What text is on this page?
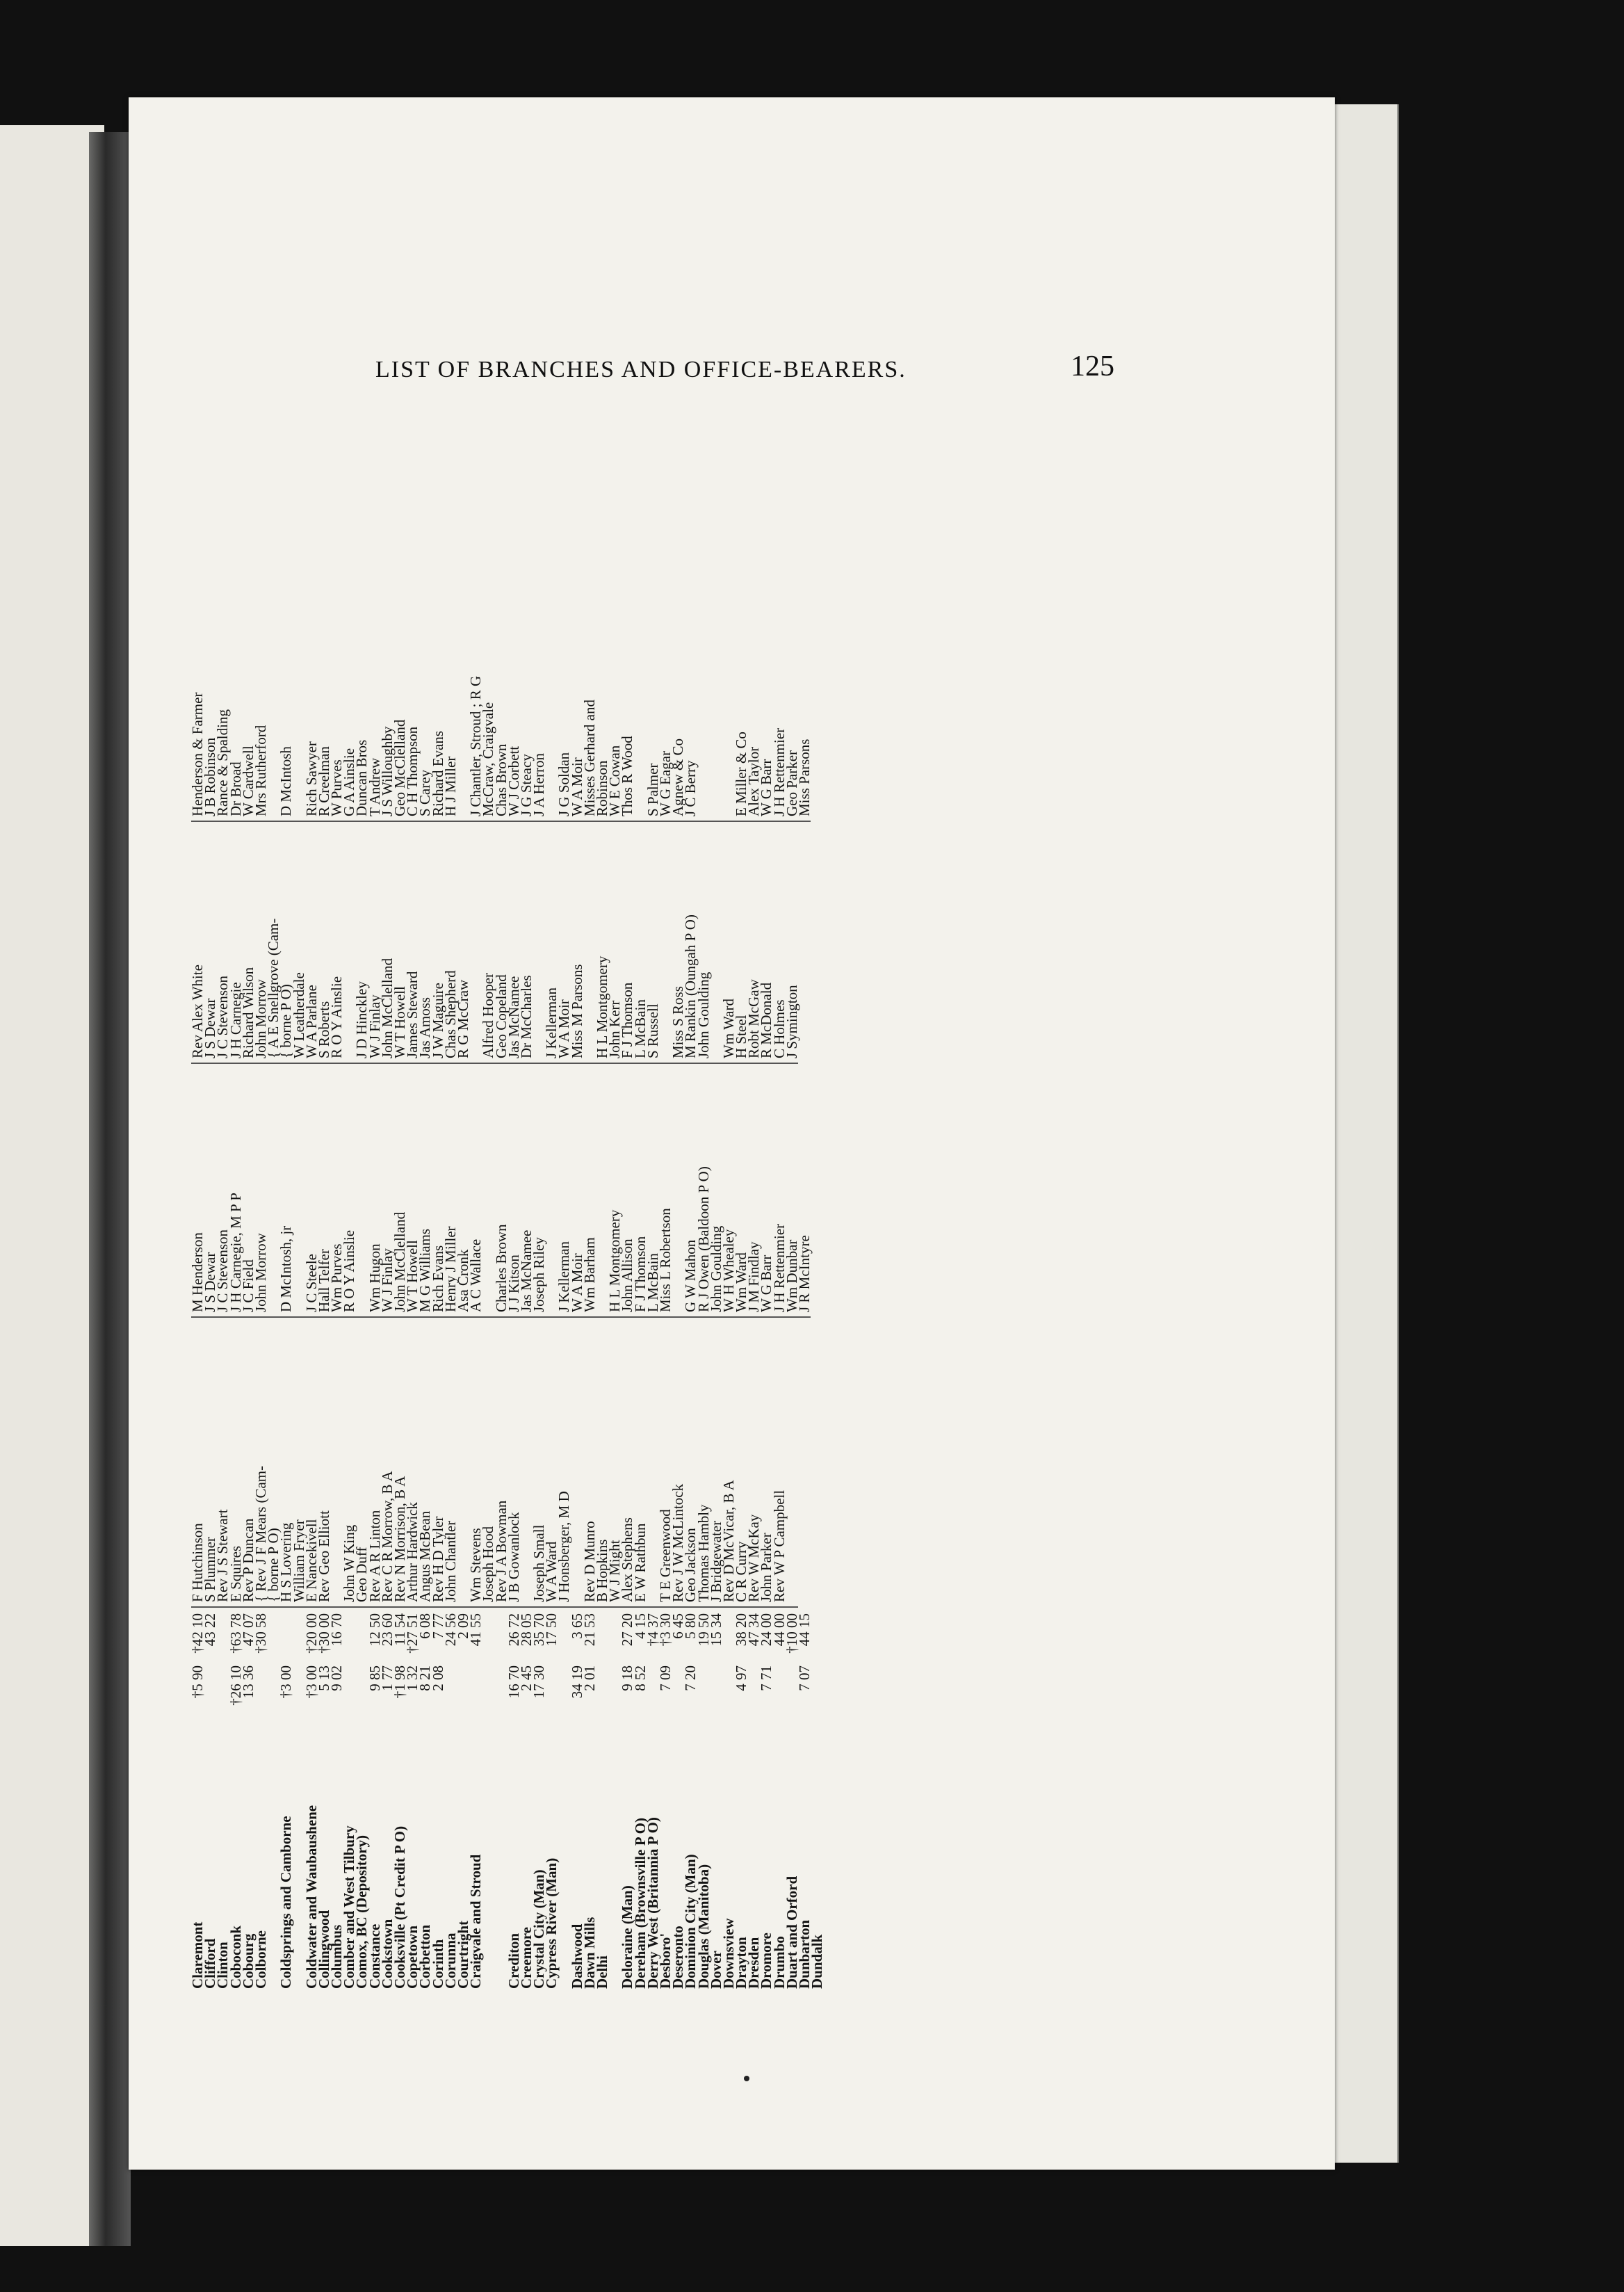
LIST OF BRANCHES AND OFFICE-BEARERS.	125
Claremont
Clifford
Clinton
Coboconk
Cobourg
Colborne Coldsprings and Camborne Coldwater and Waubaushene
Collingwood
Columbus
Comber and West Tilbury
Comox, BC (Depository)
Constance
Cookstown
Cooksville (Pt Credit P O)
Copetown
Corbetton
Corinth
Corunna
Courtright
Craigvale and Stroud Crediton
Creemore
Crystal City (Man)
Cypress River (Man) Dashwood
Dawn Mills
Delhi Deloraine (Man)
Dereham (Brownsville P O)
Derry West (Britannia P O)
Desboro'
Deseronto
Dominion City (Man)
Douglas (Manitoba)
Dover
Downsview
Drayton
Dresden
Dromore
Drumbo
Duart and Orford
Dunbarton
Dundalk
†5 90 †26 10
13 36 †3 00 †3 00
5 13
9 02 9 85
1 77
†1 98
1 32
8 21
2 08	16 70
2 45
17 30 34 19
2 01 9 18
8 52 7 09 7 20 4 97 7 71 7 07
†42 10
43 22 †63 78
47 07
†30 58 †20 00
†30 00
16 70 12 50
23 60
11 54
†27 51
6 08
7 77
24 56
2 09
41 55 26 72
28 05
35 70
17 50 3 65
21 53 27 20
4 15
†4 37
†3 30
6 45
5 80
19 50
15 34 38 20
47 34
24 00
44 00
†10 00
44 15
F Hutchinson
S Plummer
Rev J S Stewart
E Squires
Rev P Duncan
{ Rev J F Mears (Cam-
{ borne P O)
H S Lovering
William Fryer
E Nancekivell
Rev Geo Elliott John W King
Geo Duff
Rev A R Linton
Rev C R Morrow, B A
Rev N Morrison, B A
Arthur Hardwick
Angus McBean
Rev H D Tyler
John Chantler Wm Stevens
Joseph Hood
Rev J A Bowman
J B Gowanlock Joseph Small
W A Ward
J Honsberger, M D Rev D Munro
B Hopkins
W J Might
Alex Stephens
E W Rathbun T E Greenwood
Rev J W McLintock
Geo Jackson
Thomas Hambly
J Bridgewater
Rev D McVicar, B A
C R Curry
Rev W McKay
John Parker
Rev W P Campbell
M Henderson
J S Dewar
J C Stevenson
J H Carnegie, M P P
J C Field
John Morrow D McIntosh, jr J C Steele
Hall Telfer
Wm Purves
R O Y Ainslie Wm Hugon
W J Finlay
John McClelland
W T Howell
M G Williams
Rich Evans
Henry J Miller
Asa Cronk
A C Wallace Charles Brown
J J Kitson
Jas McNamee
Joseph Riley J Kellerman
W A Moir
Wm Barham H L Montgomery
John Allison
F J Thomson
L McBain
Miss L Robertson G W Mahon
R J Owen (Baldoon P O)
John Goulding
W H Whealey
Wm Ward
J M Findlay
W G Barr
J H Rettenmier
Wm Dunbar
J R McIntyre
Rev Alex White
J S Dewar
J C Stevenson
J H Carnegie
Richard Wilson
John Morrow
{ A E Snellgrove (Cam-
{ borne P O)
W Leatherdale
W A Parlane
S Roberts
R O Y Ainslie J D Hinckley
W J Finlay
John McClelland
W T Howell
James Steward
Jas Amoss
J W Maguire
Chas Shepherd
R G McCraw Alfred Hooper
Geo Copeland
Jas McNamee
Dr McCharles J Kellerman
W A Moir
Miss M Parsons H L Montgomery
John Kerr
F J Thomson
L McBain
S Russell Miss S Ross
M Rankin (Oungah P O)
John Goulding Wm Ward
H Steel
Robt McGaw
R McDonald
C Holmes
J Symington
Henderson & Farmer
J B Robinson
Rance & Spalding
Dr Broad
W Cardwell
Mrs Rutherford D McIntosh Rich Sawyer
R Creelman
W Purves
G A Ainslie
Duncan Bros
T Andrew
J S Willoughby
Geo McClelland
C H Thompson
S Carey
Richard Evans
H J Miller J Chantler, Stroud ; R G
McCraw, Craigvale
Chas Brown
W J Corbett
J G Steacy
J A Herron J G Soldan
W A Moir
Misses Gerhard and
Robinson
W E Cowan
Thos R Wood S Palmer
W G Eagar
Agnew & Co
J C Berry E Miller & Co
Alex Taylor
W G Barr
J H Rettenmier
Geo Parker
Miss Parsons
